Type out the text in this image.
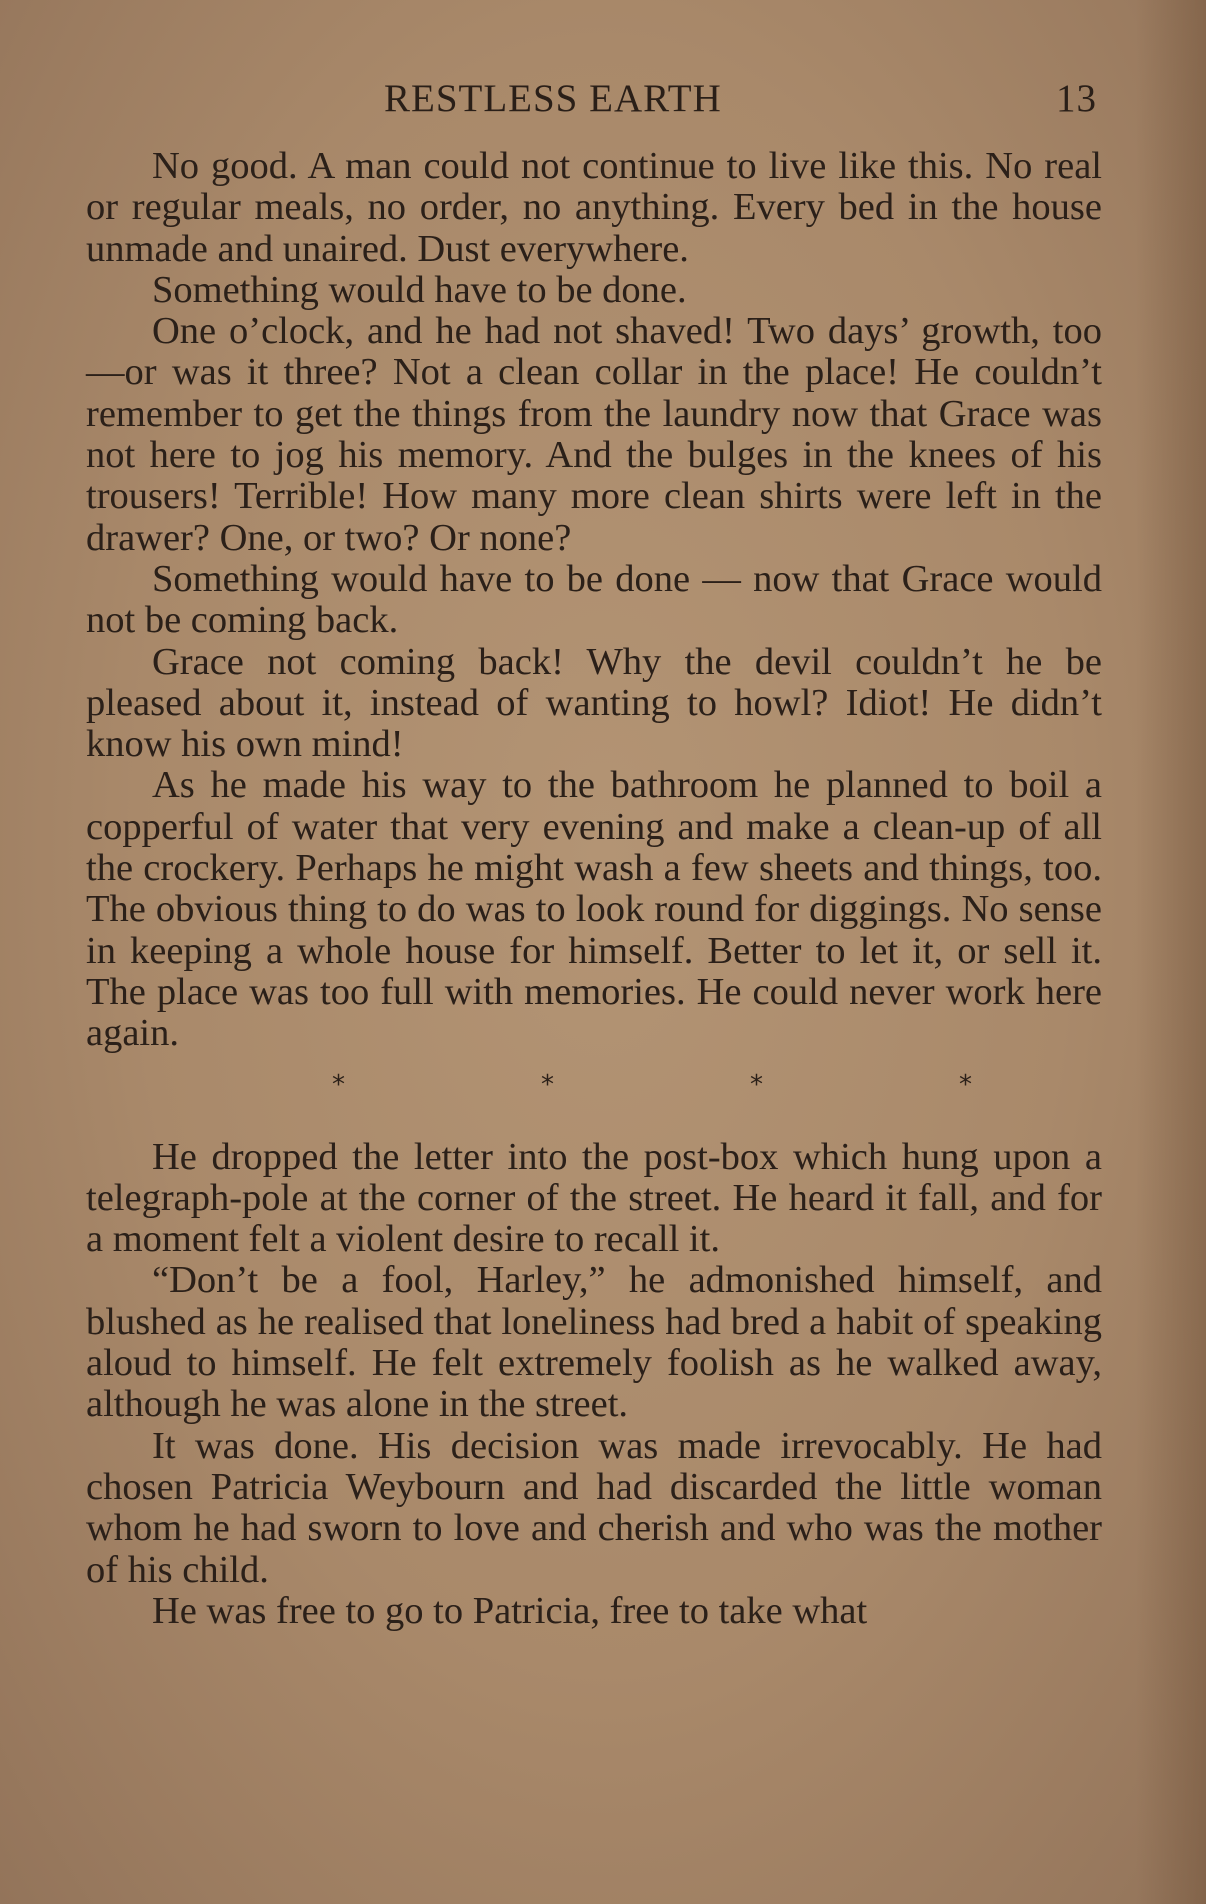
RESTLESS EARTH	13

No good. A man could not continue to live like this. No real or regular meals, no order, no anything. Every bed in the house unmade and unaired. Dust everywhere.

Something would have to be done.

One o’clock, and he had not shaved! Two days’ growth, too—or was it three? Not a clean collar in the place! He couldn’t remember to get the things from the laundry now that Grace was not here to jog his memory. And the bulges in the knees of his trousers! Terrible! How many more clean shirts were left in the drawer? One, or two? Or none?

Something would have to be done — now that Grace would not be coming back.

Grace not coming back! Why the devil couldn’t he be pleased about it, instead of wanting to howl? Idiot! He didn’t know his own mind!

As he made his way to the bathroom he planned to boil a copperful of water that very evening and make a clean-up of all the crockery. Perhaps he might wash a few sheets and things, too. The obvious thing to do was to look round for diggings. No sense in keeping a whole house for himself. Better to let it, or sell it. The place was too full with memories. He could never work here again.

*	*	*	*

He dropped the letter into the post-box which hung upon a telegraph-pole at the corner of the street. He heard it fall, and for a moment felt a violent desire to recall it.

“Don’t be a fool, Harley,” he admonished himself, and blushed as he realised that loneliness had bred a habit of speaking aloud to himself. He felt extremely foolish as he walked away, although he was alone in the street.

It was done. His decision was made irrevocably. He had chosen Patricia Weybourn and had discarded the little woman whom he had sworn to love and cherish and who was the mother of his child.

He was free to go to Patricia, free to take what
